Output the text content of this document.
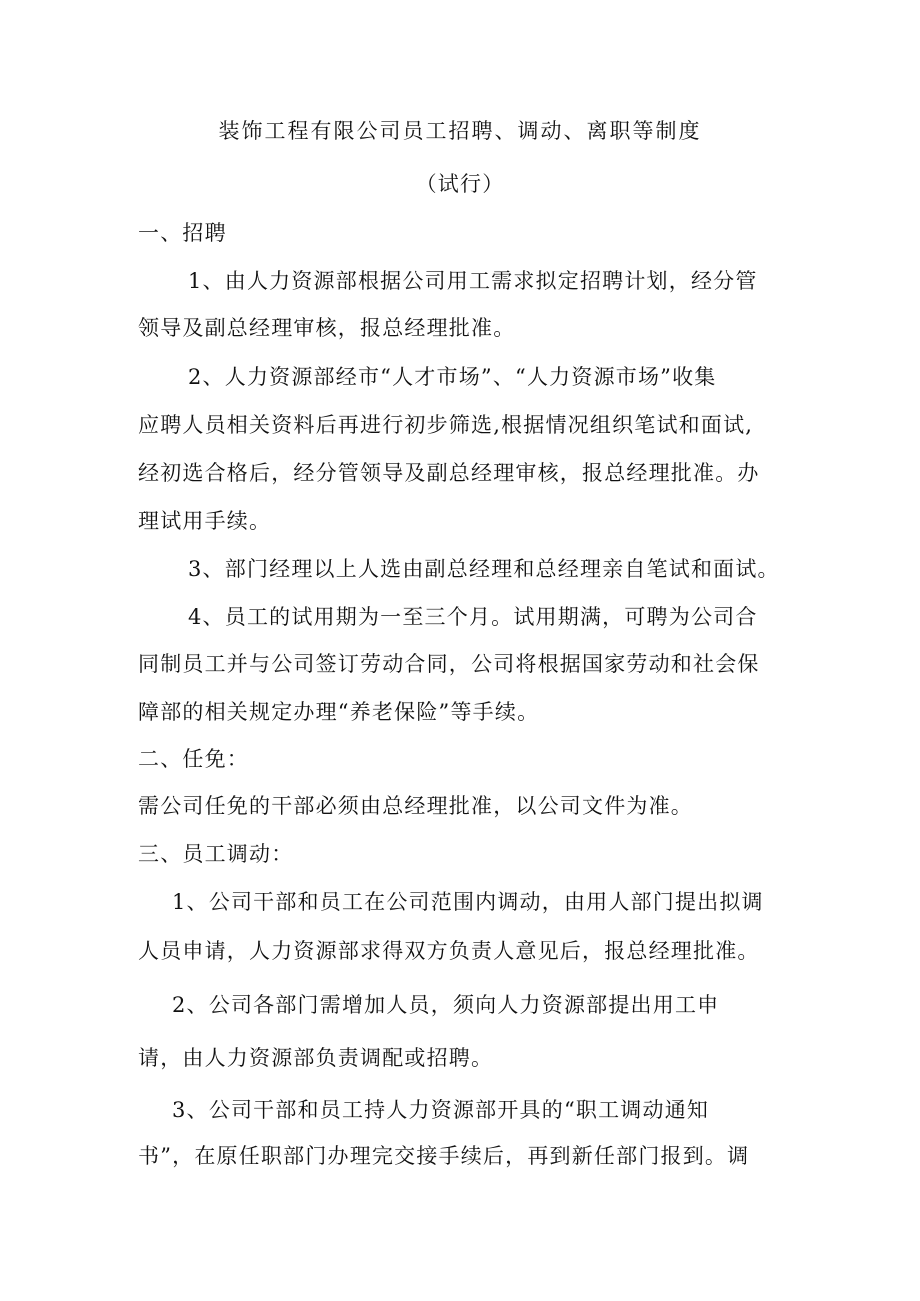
装饰工程有限公司员工招聘、调动、离职等制度
（试行）
一、招聘
1、由人力资源部根据公司用工需求拟定招聘计划，经分管
领导及副总经理审核，报总经理批准。
2、人力资源部经市“人才市场”、“人力资源市场”收集
应聘人员相关资料后再进行初步筛选,根据情况组织笔试和面试,
经初选合格后，经分管领导及副总经理审核，报总经理批准。办
理试用手续。
3、部门经理以上人选由副总经理和总经理亲自笔试和面试。
4、员工的试用期为一至三个月。试用期满，可聘为公司合
同制员工并与公司签订劳动合同，公司将根据国家劳动和社会保
障部的相关规定办理“养老保险”等手续。
二、任免：
需公司任免的干部必须由总经理批准，以公司文件为准。
三、员工调动：
1、公司干部和员工在公司范围内调动，由用人部门提出拟调
人员申请，人力资源部求得双方负责人意见后，报总经理批准。
2、公司各部门需增加人员，须向人力资源部提出用工申
请，由人力资源部负责调配或招聘。
3、公司干部和员工持人力资源部开具的“职工调动通知
书”，在原任职部门办理完交接手续后，再到新任部门报到。调
